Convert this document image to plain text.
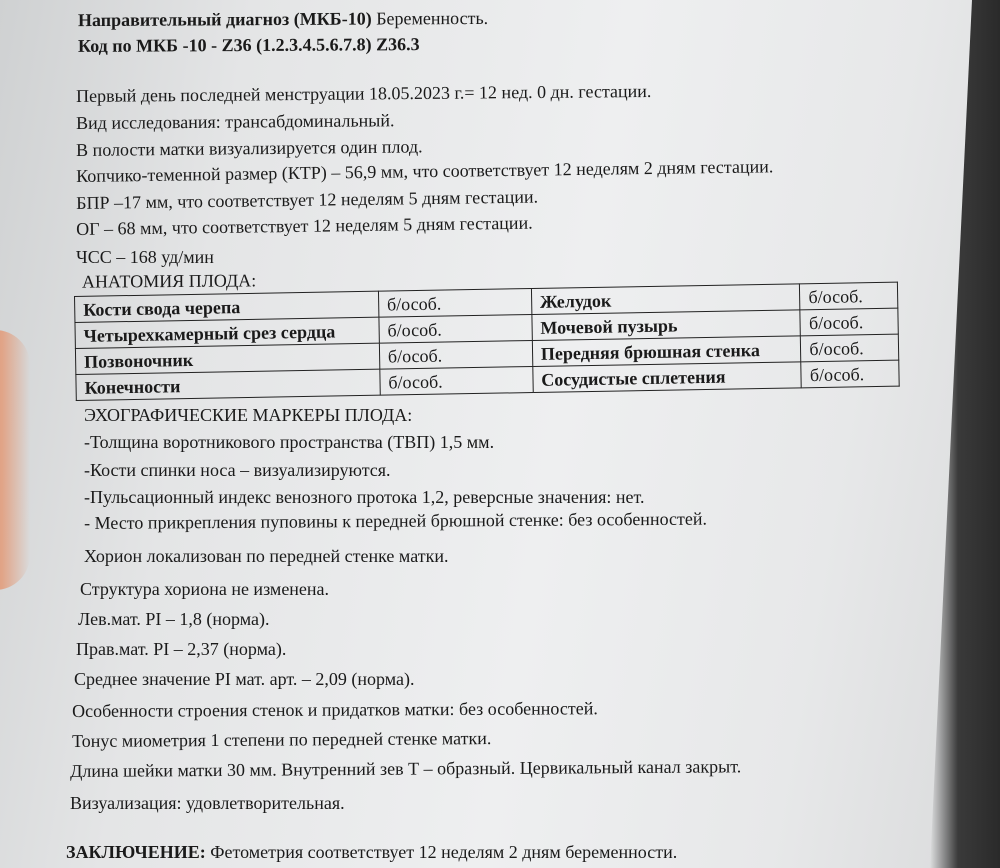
Направительный диагноз (МКБ-10) Беременность.
Код по МКБ -10 - Z36 (1.2.3.4.5.6.7.8) Z36.3
Первый день последней менструации 18.05.2023 г.= 12 нед. 0 дн. гестации.
Вид исследования: трансабдоминальный.
В полости матки визуализируется один плод.
Копчико-теменной размер (КТР) – 56,9 мм, что соответствует 12 неделям 2 дням гестации.
БПР –17 мм, что соответствует 12 неделям 5 дням гестации.
ОГ – 68 мм, что соответствует 12 неделям 5 дням гестации.
ЧСС – 168 уд/мин
АНАТОМИЯ ПЛОДА:
Кости свода черепа	б/особ.	Желудок	б/особ.
Четырехкамерный срез сердца	б/особ.	Мочевой пузырь	б/особ.
Позвоночник	б/особ.	Передняя брюшная стенка	б/особ.
Конечности	б/особ.	Сосудистые сплетения	б/особ.
ЭХОГРАФИЧЕСКИЕ МАРКЕРЫ ПЛОДА:
-Толщина воротникового пространства (ТВП) 1,5 мм.
-Кости спинки носа – визуализируются.
-Пульсационный индекс венозного протока 1,2, реверсные значения: нет.
- Место прикрепления пуповины к передней брюшной стенке: без особенностей.
Хорион локализован по передней стенке матки.
Структура хориона не изменена.
Лев.мат. PI – 1,8 (норма).
Прав.мат. PI – 2,37 (норма).
Среднее значение PI мат. арт. – 2,09 (норма).
Особенности строения стенок и придатков матки: без особенностей.
Тонус миометрия 1 степени по передней стенке матки.
Длина шейки матки 30 мм. Внутренний зев Т – образный. Цервикальный канал закрыт.
Визуализация: удовлетворительная.
ЗАКЛЮЧЕНИЕ: Фетометрия соответствует 12 неделям 2 дням беременности.
